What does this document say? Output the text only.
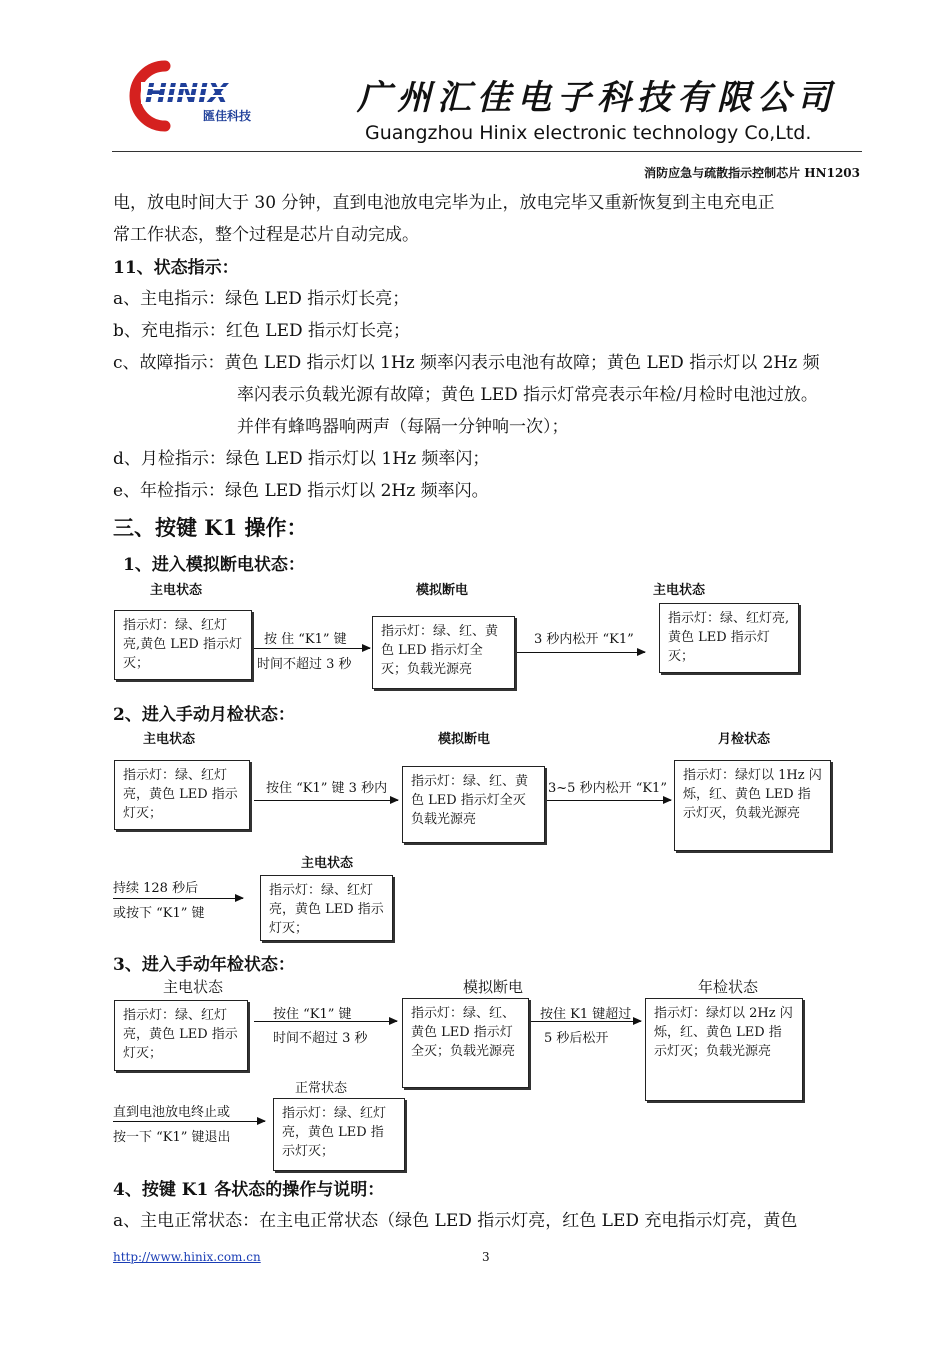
HINIX
匯佳科技	广州汇佳电子科技有限公司
Guangzhou Hinix electronic technology Co,Ltd.
消防应急与疏散指示控制芯片 HN1203
电，放电时间大于 30 分钟，直到电池放电完毕为止，放电完毕又重新恢复到主电充电正
常工作状态，整个过程是芯片自动完成。
11、状态指示：
a、主电指示：绿色 LED 指示灯长亮；
b、充电指示：红色 LED 指示灯长亮；
c、故障指示：黄色 LED 指示灯以 1Hz 频率闪表示电池有故障；黄色 LED 指示灯以 2Hz 频
率闪表示负载光源有故障；黄色 LED 指示灯常亮表示年检/月检时电池过放。
并伴有蜂鸣器响两声（每隔一分钟响一次）；
d、月检指示：绿色 LED 指示灯以 1Hz 频率闪；
e、年检指示：绿色 LED 指示灯以 2Hz 频率闪。
三、按键 K1 操作：
1、进入模拟断电状态：
主电状态	模拟断电	主电状态
指示灯：绿、红灯亮,黄色 LED 指示灯灭；
指示灯：绿、红、黄色 LED 指示灯全灭；负载光源亮
指示灯：绿、红灯亮,黄色 LED 指示灯灭；
按 住 “K1” 键
时间不超过 3 秒
3 秒内松开 “K1”
2、进入手动月检状态：
主电状态	模拟断电	月检状态
指示灯：绿、红灯亮，黄色 LED 指示灯灭；
指示灯：绿、红、黄色 LED 指示灯全灭负载光源亮
指示灯：绿灯以 1Hz 闪烁，红、黄色 LED 指示灯灭，负载光源亮
按住 “K1” 键 3 秒内	3~5 秒内松开 “K1”
主电状态
持续 128 秒后
或按下 “K1” 键
指示灯：绿、红灯亮，黄色 LED 指示灯灭；
3、进入手动年检状态：
主电状态	模拟断电	年检状态
指示灯：绿、红灯亮，黄色 LED 指示灯灭；
指示灯：绿、红、黄色 LED 指示灯全灭；负载光源亮
指示灯：绿灯以 2Hz 闪烁，红、黄色 LED 指示灯灭；负载光源亮
按住 “K1” 键
时间不超过 3 秒
按住 K1 键超过
5 秒后松开
正常状态
直到电池放电终止或
按一下 “K1” 键退出
指示灯：绿、红灯亮，黄色 LED 指示灯灭；
4、按键 K1 各状态的操作与说明：
a、主电正常状态：在主电正常状态（绿色 LED 指示灯亮，红色 LED 充电指示灯亮，黄色
http://www.hinix.com.cn	3
